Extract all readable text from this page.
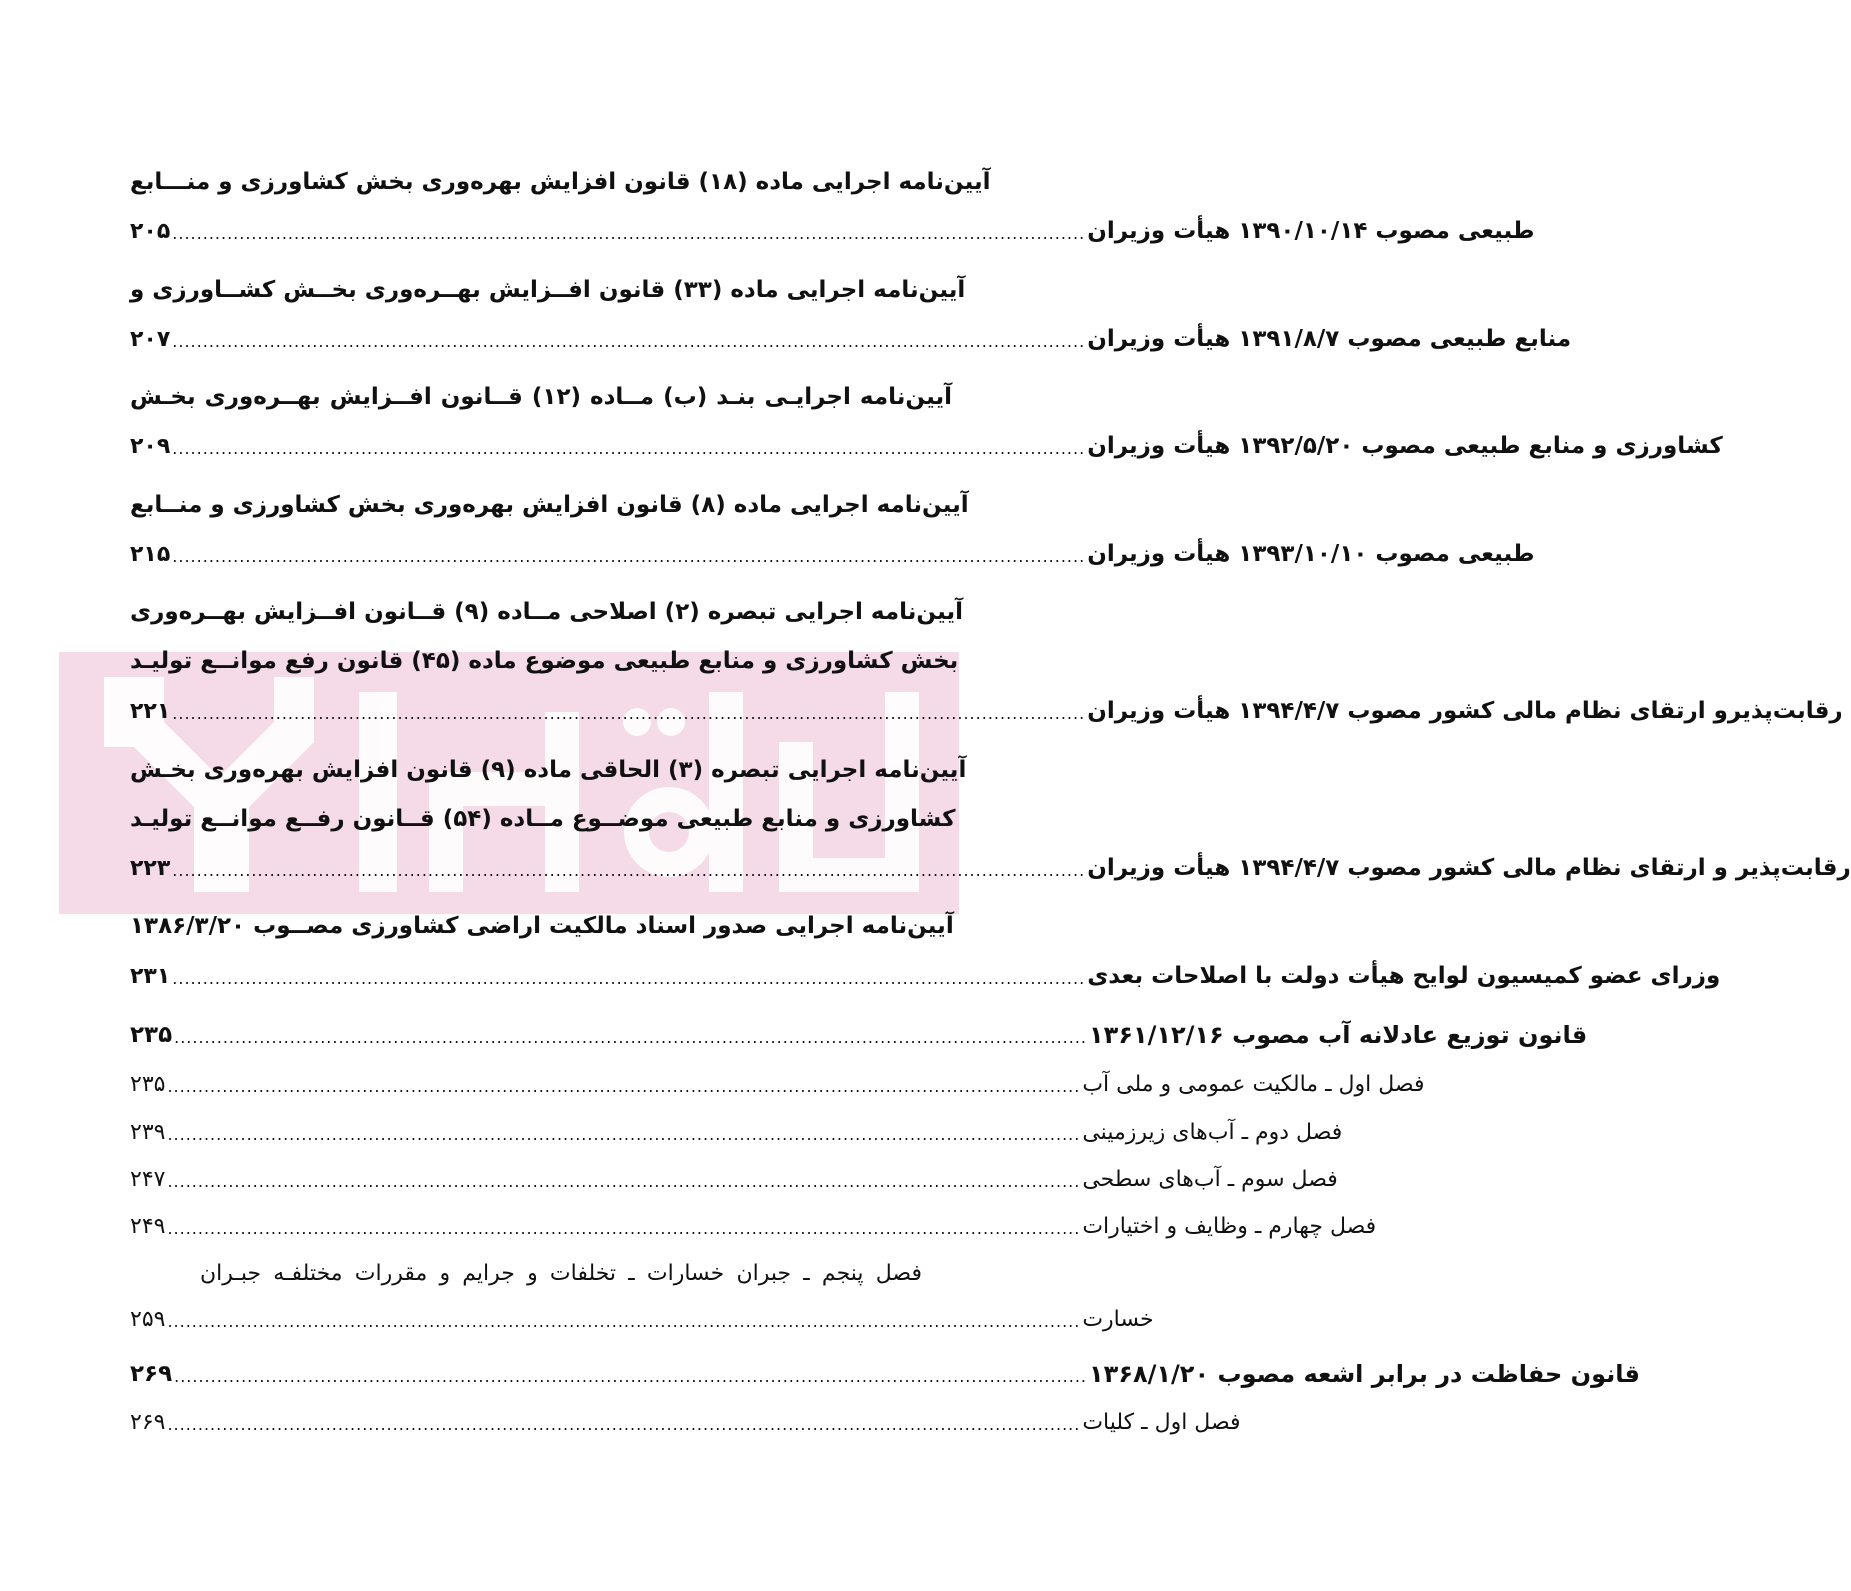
آیین‌نامه اجرایی ماده (۱۸) قانون افزایش بهره‌وری بخش کشاورزی و منـــابع
۲۰۵ ...................................................................................................................................................... طبیعی مصوب ۱۳۹۰/۱۰/۱۴ هیأت وزیران
آیین‌نامه اجرایی ماده (۳۳) قانون افــزایش بهــره‌وری بخــش کشــاورزی و
۲۰۷ ...................................................................................................................................................... منابع طبیعی مصوب ۱۳۹۱/۸/۷ هیأت وزیران
آیین‌نامه اجرایـی بنـد (ب) مــاده (۱۲) قــانون افــزایش بهــره‌وری بخـش
۲۰۹ ...................................................................................................................................................... کشاورزی و منابع طبیعی مصوب ۱۳۹۲/۵/۲۰ هیأت وزیران
آیین‌نامه اجرایی ماده (۸) قانون افزایش بهره‌وری بخش کشاورزی و منــابع
۲۱۵ ...................................................................................................................................................... طبیعی مصوب ۱۳۹۳/۱۰/۱۰ هیأت وزیران
آیین‌نامه اجرایی تبصره (۲) اصلاحی مــاده (۹) قــانون افــزایش بهــره‌وری
بخش کشاورزی و منابع طبیعی موضوع ماده (۴۵) قانون رفع موانــع تولیـد
۲۲۱ ...................................................................................................................................................... رقابت‌پذیرو ارتقای نظام مالی کشور مصوب ۱۳۹۴/۴/۷ هیأت وزیران
آیین‌نامه اجرایی تبصره (۳) الحاقی ماده (۹) قانون افزایش بهره‌وری بخـش
کشاورزی و منابع طبیعی موضــوع مــاده (۵۴) قــانون رفــع موانــع تولیـد
۲۲۳ ...................................................................................................................................................... رقابت‌پذیر و ارتقای نظام مالی کشور مصوب ۱۳۹۴/۴/۷ هیأت وزیران
آیین‌نامه اجرایی صدور اسناد مالکیت اراضی کشاورزی مصــوب ۱۳۸۶/۳/۲۰
۲۳۱ ...................................................................................................................................................... وزرای عضو کمیسیون لوایح هیأت دولت با اصلاحات بعدی
۲۳۵ ...................................................................................................................................................... قانون توزیع عادلانه آب مصوب ۱۳۶۱/۱۲/۱۶
۲۳۵ ...................................................................................................................................................... فصل اول ـ مالکیت عمومی و ملی آب
۲۳۹ ...................................................................................................................................................... فصل دوم ـ آب‌های زیرزمینی
۲۴۷ ...................................................................................................................................................... فصل سوم ـ آب‌های سطحی
۲۴۹ ...................................................................................................................................................... فصل چهارم ـ وظایف و اختیارات
فصل پنجم ـ جبران خسارات ـ تخلفات و جرایم و مقررات مختلفـه جبـران
۲۵۹ ...................................................................................................................................................... خسارت
۲۶۹ ...................................................................................................................................................... قانون حفاظت در برابر اشعه مصوب ۱۳۶۸/۱/۲۰
۲۶۹ ...................................................................................................................................................... فصل اول ـ کلیات
